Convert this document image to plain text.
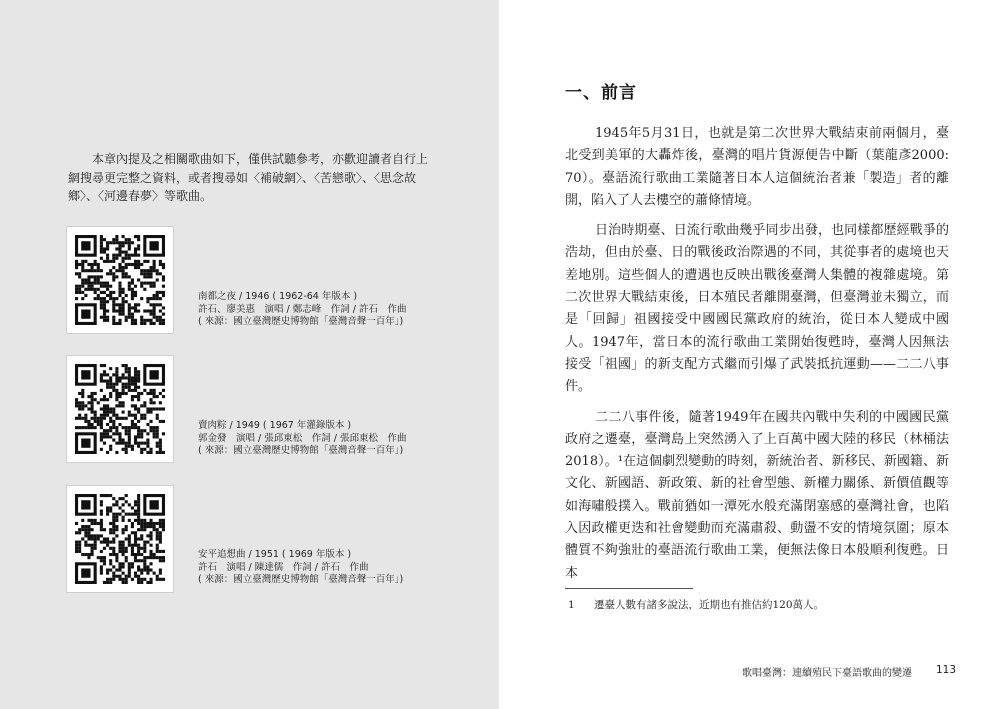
本章內提及之相關歌曲如下，僅供試聽參考，亦歡迎讀者自行上網搜尋更完整之資料，或者搜尋如〈補破網〉、〈苦戀歌〉、〈思念故鄉〉、〈河邊春夢〉等歌曲。

南都之夜 / 1946 ( 1962-64 年版本 )
許石、廖美惠　演唱 / 鄭志峰　作詞 / 許石　作曲
( 來源：國立臺灣歷史博物館「臺灣音聲一百年」)
賣肉粽 / 1949 ( 1967 年灌錄版本 )
郭金發　演唱 / 張邱東松　作詞 / 張邱東松　作曲
( 來源：國立臺灣歷史博物館「臺灣音聲一百年」)
安平追想曲 / 1951 ( 1969 年版本 )
許石　演唱 / 陳達儒　作詞 / 許石　作曲
( 來源：國立臺灣歷史博物館「臺灣音聲一百年」)
一、前言

1945年5月31日，也就是第二次世界大戰結束前兩個月，臺北受到美軍的大轟炸後，臺灣的唱片貨源便告中斷（葉龍彥2000: 70）。臺語流行歌曲工業隨著日本人這個統治者兼「製造」者的離開，陷入了人去樓空的蕭條情境。

日治時期臺、日流行歌曲幾乎同步出發，也同樣都歷經戰爭的浩劫，但由於臺、日的戰後政治際遇的不同，其從事者的處境也天差地別。這些個人的遭遇也反映出戰後臺灣人集體的複雜處境。第二次世界大戰結束後，日本殖民者離開臺灣，但臺灣並未獨立，而是「回歸」祖國接受中國國民黨政府的統治，從日本人變成中國人。1947年，當日本的流行歌曲工業開始復甦時，臺灣人因無法接受「祖國」的新支配方式繼而引爆了武裝抵抗運動——二二八事件。

二二八事件後，隨著1949年在國共內戰中失利的中國國民黨政府之遷臺，臺灣島上突然湧入了上百萬中國大陸的移民（林桶法2018）。¹在這個劇烈變動的時刻，新統治者、新移民、新國籍、新文化、新國語、新政策、新的社會型態、新權力關係、新價值觀等如海嘯般撲入。戰前猶如一潭死水般充滿閉塞感的臺灣社會，也陷入因政權更迭和社會變動而充滿肅殺、動盪不安的情境氛圍；原本體質不夠強壯的臺語流行歌曲工業，便無法像日本般順利復甦。日本

1 遷臺人數有諸多說法，近期也有推估約120萬人。
歌唱臺灣：連續殖民下臺語歌曲的變遷 113
